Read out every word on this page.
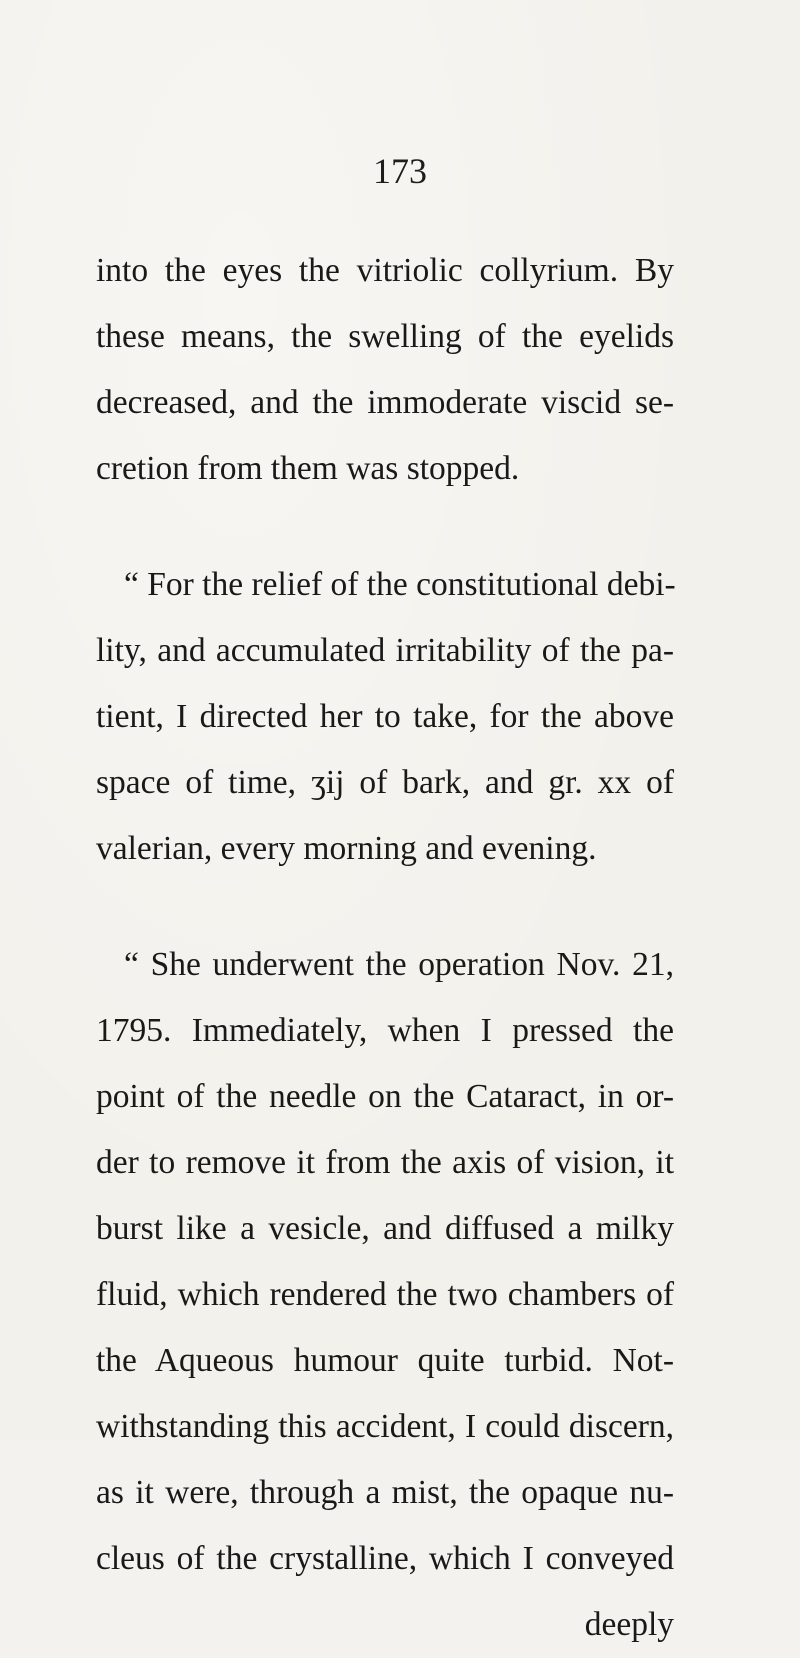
173
into the eyes the vitriolic collyrium. By
these means, the swelling of the eyelids
decreased, and the immoderate viscid se-
cretion from them was stopped.
“ For the relief of the constitutional debi-
lity, and accumulated irritability of the pa-
tient, I directed her to take, for the above
space of time, ʒij of bark, and gr. xx of
valerian, every morning and evening.
“ She underwent the operation Nov. 21,
1795. Immediately, when I pressed the
point of the needle on the Cataract, in or-
der to remove it from the axis of vision, it
burst like a vesicle, and diffused a milky
fluid, which rendered the two chambers of
the Aqueous humour quite turbid. Not-
withstanding this accident, I could discern,
as it were, through a mist, the opaque nu-
cleus of the crystalline, which I conveyed
deeply
